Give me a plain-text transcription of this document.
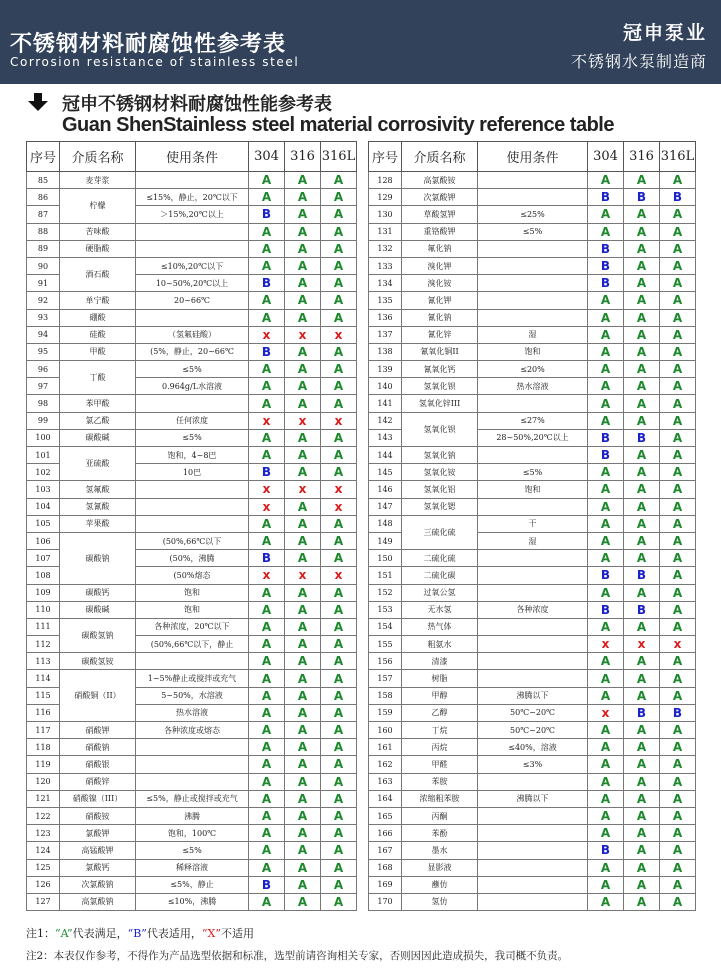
不锈钢材料耐腐蚀性参考表
Corrosion resistance of stainless steel
冠申泵业
不锈钢水泵制造商
冠申不锈钢材料耐腐蚀性能参考表
Guan ShenStainless steel material corrosivity reference table
序号	介质名称	使用条件	304	316	316L
85	麦芽浆		A	A	A
86	柠檬	≤15%，静止，20℃以下	A	A	A
87		＞15%,20℃以上	B	A	A
88	苦味酸		A	A	A
89	硬脂酸		A	A	A
90	酒石酸	≤10%,20℃以下	A	A	A
91		10~50%,20℃以上	B	A	A
92	单宁酸	20~66℃	A	A	A
93	硼酸		A	A	A
94	硅酸	（氢氟硅酸）	x	x	x
95	甲酸	(5%，静止，20~66℃	B	A	A
96	丁酸	≤5%	A	A	A
97		0.964g/L水溶液	A	A	A
98	苯甲酸		A	A	A
99	氯乙酸	任何浓度	x	x	x
100	碳酸碱	≤5%	A	A	A
101	亚硫酸	饱和，4~8巴	A	A	A
102		10巴	B	A	A
103	氢氟酸		x	x	x
104	氢氰酸		x	A	x
105	苹果酸		A	A	A
106	碳酸钠	(50%,66℃以下	A	A	A
107		(50%，沸腾	B	A	A
108		(50%熔态	x	x	x
109	碳酸钙	饱和	A	A	A
110	碳酸碱	饱和	A	A	A
111	碳酸氢钠	各种浓度，20℃以下	A	A	A
112		(50%,66℃以下，静止	A	A	A
113	碳酸氢铵		A	A	A
114	硝酸铜（II）	1~5%静止或搅拌或充气	A	A	A
115		5~50%，水溶液	A	A	A
116		热水溶液	A	A	A
117	硝酸钾	各种浓度或熔态	A	A	A
118	硝酸钠		A	A	A
119	硝酸银		A	A	A
120	硝酸锌		A	A	A
121	硝酸镍（III）	≤5%，静止或搅拌或充气	A	A	A
122	硝酸铵	沸腾	A	A	A
123	氯酸钾	饱和，100℃	A	A	A
124	高锰酸钾	≤5%	A	A	A
125	氯酸钙	稀释溶液	A	A	A
126	次氯酸钠	≤5%，静止	B	A	A
127	高氯酸钠	≤10%，沸腾	A	A	A
序号	介质名称	使用条件	304	316	316L
128	高氯酸铵		A	A	A
129	次氯酸钾		B	B	B
130	草酸氢钾	≤25%	A	A	A
131	重铬酸钾	≤5%	A	A	A
132	氟化钠		B	A	A
133	溴化钾		B	A	A
134	溴化铵		B	A	A
135	氰化钾		A	A	A
136	氰化钠		A	A	A
137	氰化锌	湿	A	A	A
138	氰氧化铜II	饱和	A	A	A
139	氰氧化钙	≤20%	A	A	A
140	氢氧化钡	热水溶液	A	A	A
141	氢氧化锌III		A	A	A
142	氢氧化钡	≤27%	A	A	A
143		28~50%,20℃以上	B	B	A
144	氢氧化钠		B	A	A
145	氢氧化铵	≤5%	A	A	A
146	氢氧化铝	饱和	A	A	A
147	氢氧化锶		A	A	A
148	三硫化硫	干	A	A	A
149		湿	A	A	A
150	二硫化硫		A	A	A
151	二硫化碳		B	B	A
152	过氧公氢		A	A	A
153	无水氢	各种浓度	B	B	A
154	热气体		A	A	A
155	粗氨水		x	x	x
156	清漆		A	A	A
157	树脂		A	A	A
158	甲醇	沸腾以下	A	A	A
159	乙醇	50℃~20℃	x	B	B
160	丁烷	50℃~20℃	A	A	A
161	丙烷	≤40%，溶液	A	A	A
162	甲醛	≤3%	A	A	A
163	苯胺		A	A	A
164	浓缩粗苯胺	沸腾以下	A	A	A
165	丙酮		A	A	A
166	苯酚		A	A	A
167	墨水		B	A	A
168	显影液		A	A	A
169	蘸仿		A	A	A
170	氢仿		A	A	A
注1：“A”代表满足，“B”代表适用，“X”不适用
注2：本表仅作参考，不得作为产品选型依据和标准，选型前请咨询相关专家，否则因因此造成损失，我司概不负责。
